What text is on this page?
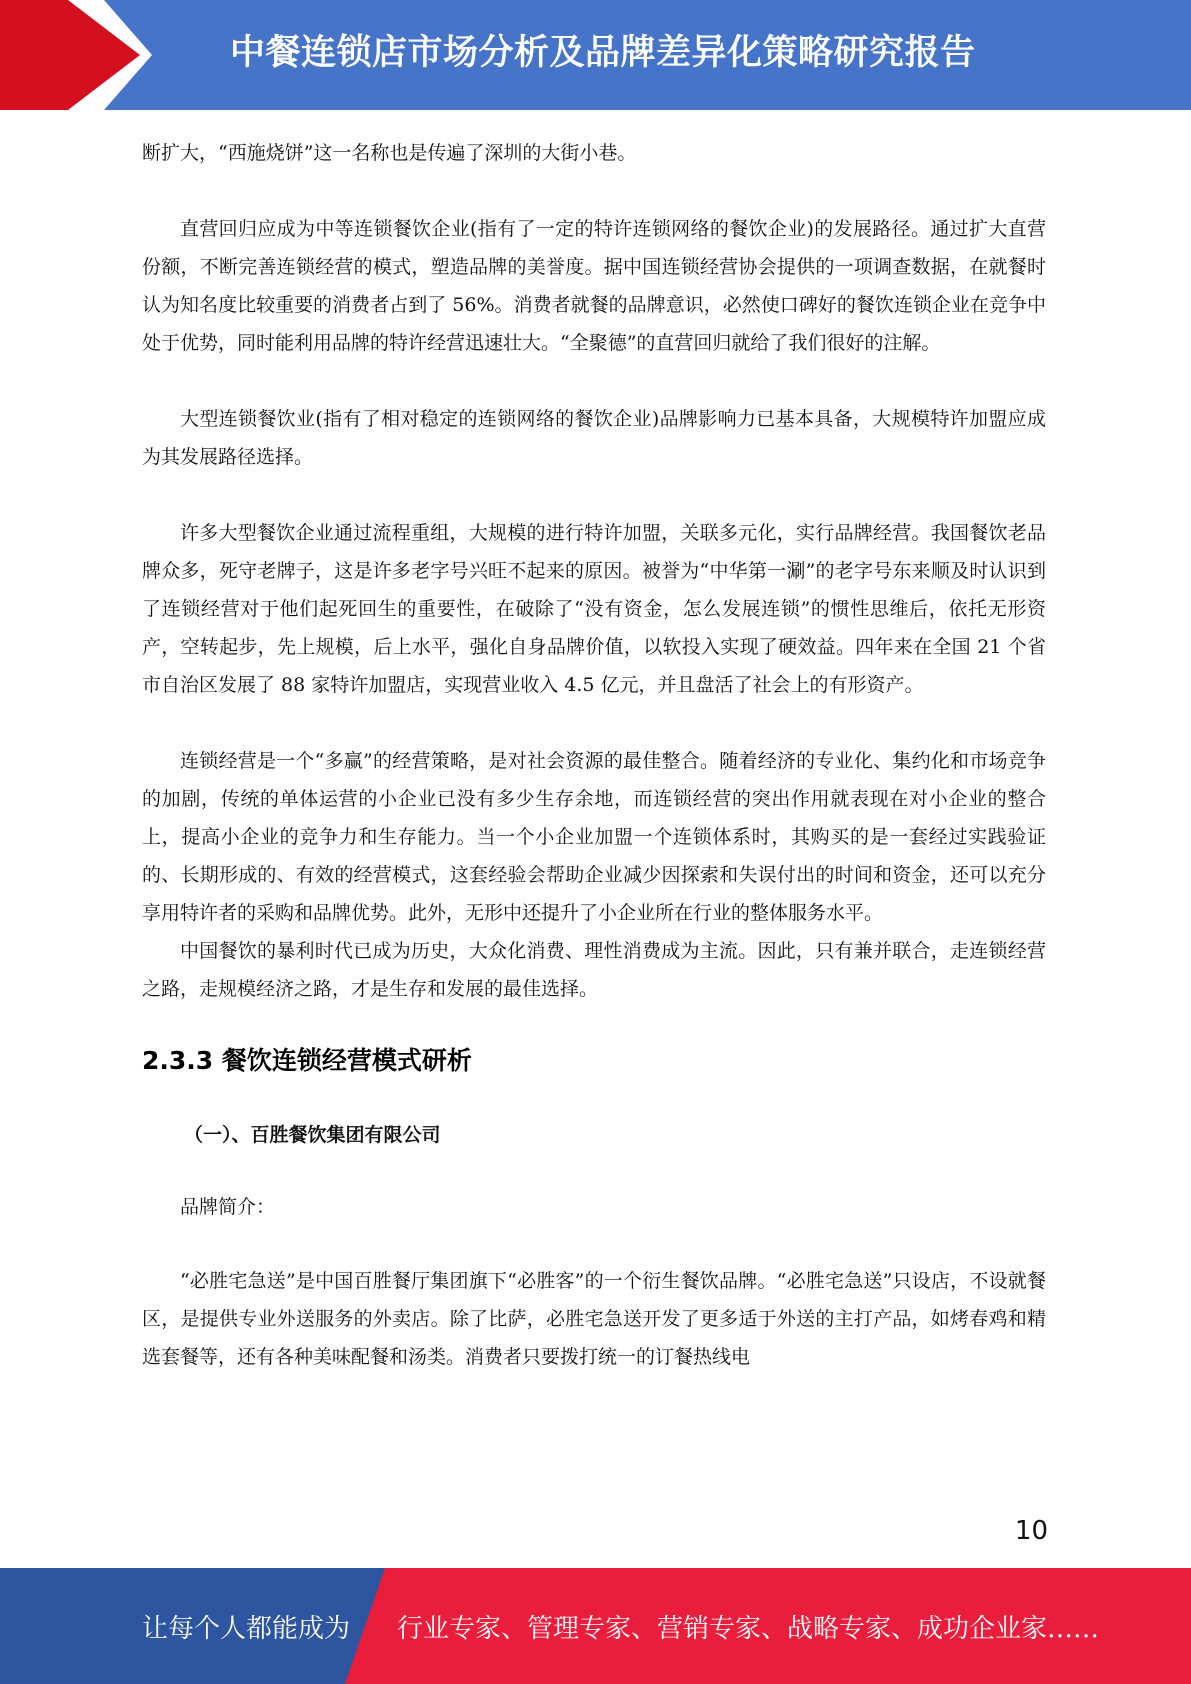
中餐连锁店市场分析及品牌差异化策略研究报告

断扩大，“西施烧饼”这一名称也是传遍了深圳的大街小巷。

直营回归应成为中等连锁餐饮企业(指有了一定的特许连锁网络的餐饮企业)的发展路径。通过扩大直营份额，不断完善连锁经营的模式，塑造品牌的美誉度。据中国连锁经营协会提供的一项调查数据，在就餐时认为知名度比较重要的消费者占到了 56%。消费者就餐的品牌意识，必然使口碑好的餐饮连锁企业在竞争中处于优势，同时能利用品牌的特许经营迅速壮大。“全聚德”的直营回归就给了我们很好的注解。

大型连锁餐饮业(指有了相对稳定的连锁网络的餐饮企业)品牌影响力已基本具备，大规模特许加盟应成为其发展路径选择。

许多大型餐饮企业通过流程重组，大规模的进行特许加盟，关联多元化，实行品牌经营。我国餐饮老品牌众多，死守老牌子，这是许多老字号兴旺不起来的原因。被誉为“中华第一涮”的老字号东来顺及时认识到了连锁经营对于他们起死回生的重要性，在破除了“没有资金，怎么发展连锁”的惯性思维后，依托无形资产，空转起步，先上规模，后上水平，强化自身品牌价值，以软投入实现了硬效益。四年来在全国 21 个省市自治区发展了 88 家特许加盟店，实现营业收入 4.5 亿元，并且盘活了社会上的有形资产。

连锁经营是一个“多赢”的经营策略，是对社会资源的最佳整合。随着经济的专业化、集约化和市场竞争的加剧，传统的单体运营的小企业已没有多少生存余地，而连锁经营的突出作用就表现在对小企业的整合上，提高小企业的竞争力和生存能力。当一个小企业加盟一个连锁体系时，其购买的是一套经过实践验证的、长期形成的、有效的经营模式，这套经验会帮助企业减少因探索和失误付出的时间和资金，还可以充分享用特许者的采购和品牌优势。此外，无形中还提升了小企业所在行业的整体服务水平。

中国餐饮的暴利时代已成为历史，大众化消费、理性消费成为主流。因此，只有兼并联合，走连锁经营之路，走规模经济之路，才是生存和发展的最佳选择。

2.3.3 餐饮连锁经营模式研析
（一）、百胜餐饮集团有限公司

品牌简介：

“必胜宅急送”是中国百胜餐厅集团旗下“必胜客”的一个衍生餐饮品牌。“必胜宅急送”只设店，不设就餐区，是提供专业外送服务的外卖店。除了比萨，必胜宅急送开发了更多适于外送的主打产品，如烤春鸡和精选套餐等，还有各种美味配餐和汤类。消费者只要拨打统一的订餐热线电

10
让每个人都能成为 行业专家、管理专家、营销专家、战略专家、成功企业家……
